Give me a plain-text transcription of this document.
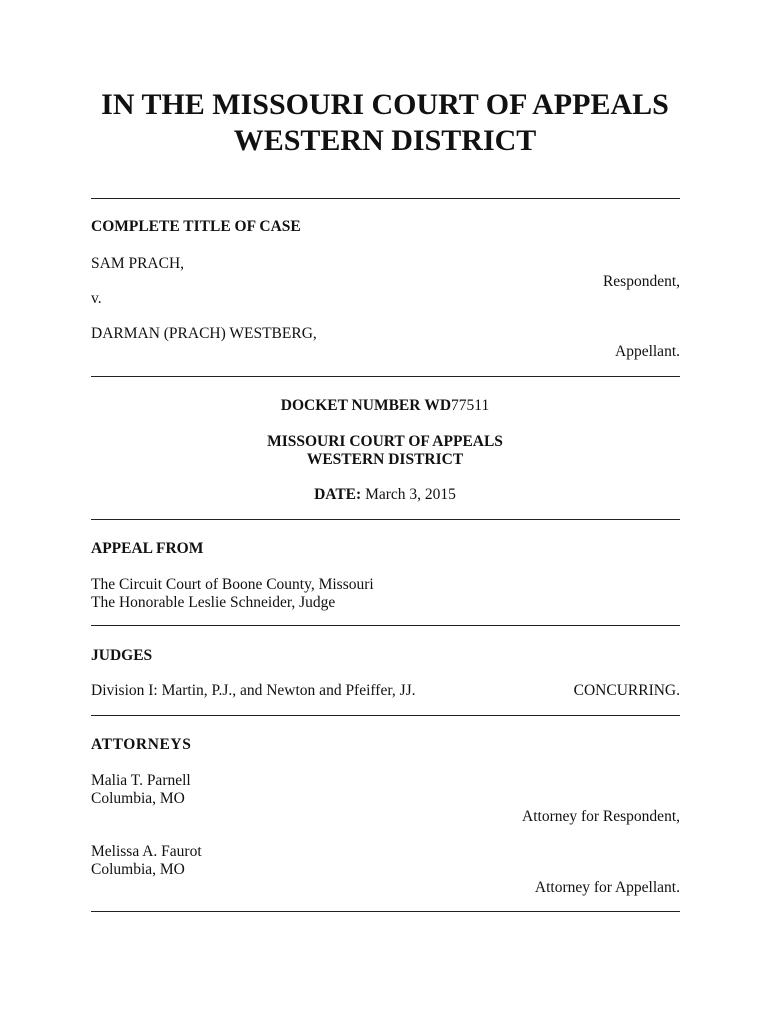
IN THE MISSOURI COURT OF APPEALS
WESTERN DISTRICT
COMPLETE TITLE OF CASE
SAM PRACH,
Respondent,
v.
DARMAN (PRACH) WESTBERG,
Appellant.
DOCKET NUMBER WD77511
MISSOURI COURT OF APPEALS
WESTERN DISTRICT
DATE: March 3, 2015
APPEAL FROM
The Circuit Court of Boone County, Missouri
The Honorable Leslie Schneider, Judge
JUDGES
Division I: Martin, P.J., and Newton and Pfeiffer, JJ.	CONCURRING.
ATTORNEYS
Malia T. Parnell
Columbia, MO
Attorney for Respondent,
Melissa A. Faurot
Columbia, MO
Attorney for Appellant.
